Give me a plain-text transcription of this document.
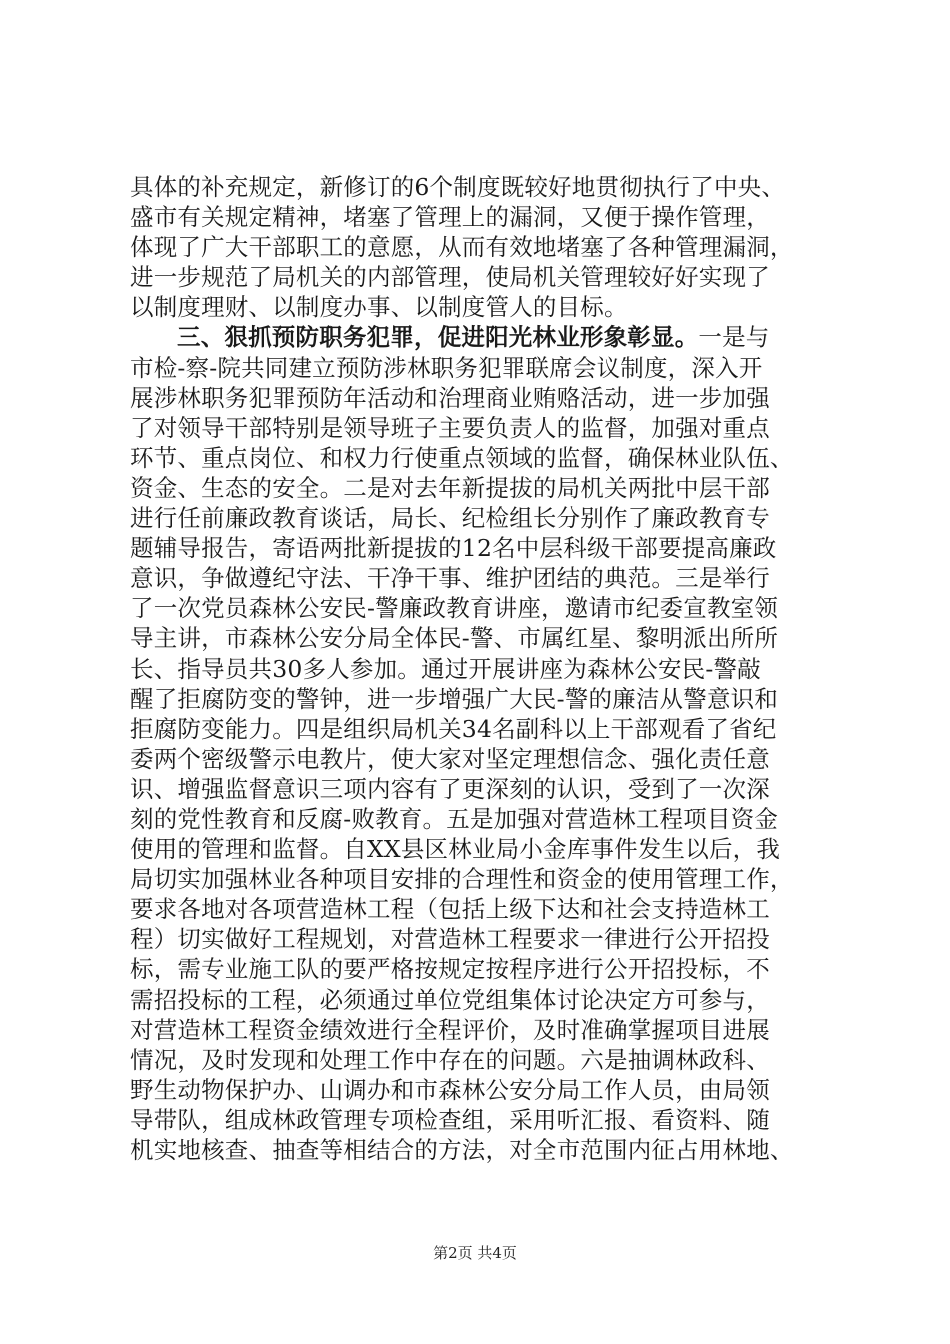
具体的补充规定，新修订的6个制度既较好地贯彻执行了中央、
盛市有关规定精神，堵塞了管理上的漏洞，又便于操作管理，
体现了广大干部职工的意愿，从而有效地堵塞了各种管理漏洞，
进一步规范了局机关的内部管理，使局机关管理较好好实现了
以制度理财、以制度办事、以制度管人的目标。
三、狠抓预防职务犯罪，促进阳光林业形象彰显。一是与
市检-察-院共同建立预防涉林职务犯罪联席会议制度，深入开
展涉林职务犯罪预防年活动和治理商业贿赂活动，进一步加强
了对领导干部特别是领导班子主要负责人的监督，加强对重点
环节、重点岗位、和权力行使重点领域的监督，确保林业队伍、
资金、生态的安全。二是对去年新提拔的局机关两批中层干部
进行任前廉政教育谈话，局长、纪检组长分别作了廉政教育专
题辅导报告，寄语两批新提拔的12名中层科级干部要提高廉政
意识，争做遵纪守法、干净干事、维护团结的典范。三是举行
了一次党员森林公安民-警廉政教育讲座，邀请市纪委宣教室领
导主讲，市森林公安分局全体民-警、市属红星、黎明派出所所
长、指导员共30多人参加。通过开展讲座为森林公安民-警敲
醒了拒腐防变的警钟，进一步增强广大民-警的廉洁从警意识和
拒腐防变能力。四是组织局机关34名副科以上干部观看了省纪
委两个密级警示电教片，使大家对坚定理想信念、强化责任意
识、增强监督意识三项内容有了更深刻的认识，受到了一次深
刻的党性教育和反腐-败教育。五是加强对营造林工程项目资金
使用的管理和监督。自XX县区林业局小金库事件发生以后，我
局切实加强林业各种项目安排的合理性和资金的使用管理工作，
要求各地对各项营造林工程（包括上级下达和社会支持造林工
程）切实做好工程规划，对营造林工程要求一律进行公开招投
标，需专业施工队的要严格按规定按程序进行公开招投标，不
需招投标的工程，必须通过单位党组集体讨论决定方可参与，
对营造林工程资金绩效进行全程评价，及时准确掌握项目进展
情况，及时发现和处理工作中存在的问题。六是抽调林政科、
野生动物保护办、山调办和市森林公安分局工作人员，由局领
导带队，组成林政管理专项检查组，采用听汇报、看资料、随
机实地核查、抽查等相结合的方法，对全市范围内征占用林地、
第2页 共4页
